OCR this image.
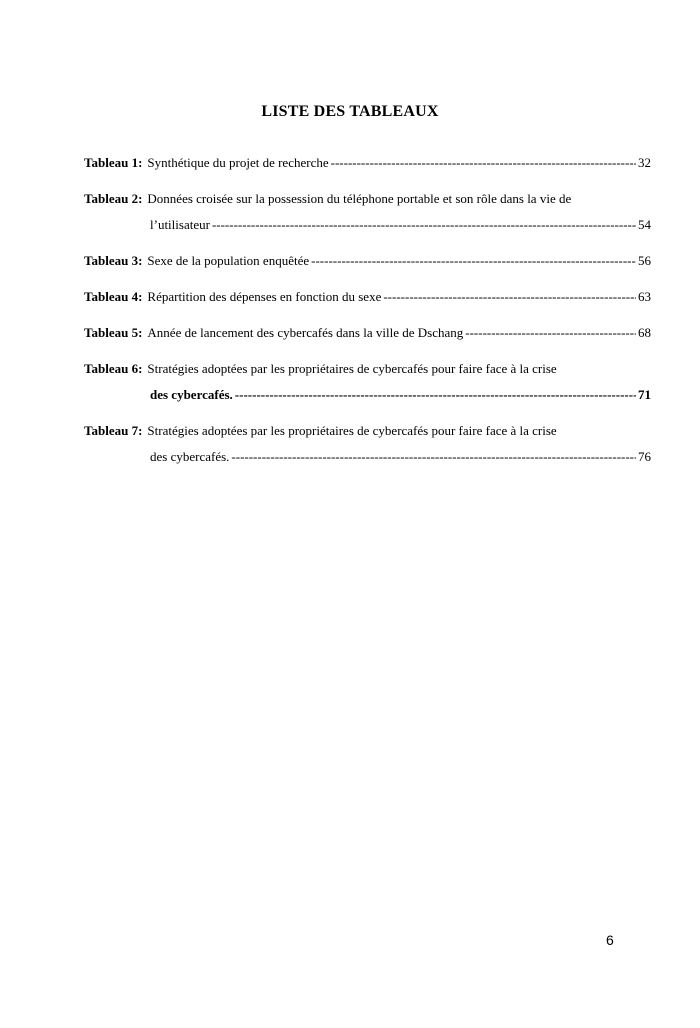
LISTE DES TABLEAUX
Tableau 1: Synthétique du projet de recherche -----	32
Tableau 2: Données croisée sur la possession du téléphone portable et son rôle dans la vie de
l’utilisateur -----	54
Tableau 3: Sexe de la population enquêtée -----	56
Tableau 4: Répartition des dépenses en fonction du sexe -----	63
Tableau 5: Année de lancement des cybercafés dans la ville de Dschang -----	68
Tableau 6: Stratégies adoptées par les propriétaires de cybercafés pour faire face à la crise
des cybercafés. -----	71
Tableau 7: Stratégies adoptées par les propriétaires de cybercafés pour faire face à la crise
des cybercafés. -----	76
6
